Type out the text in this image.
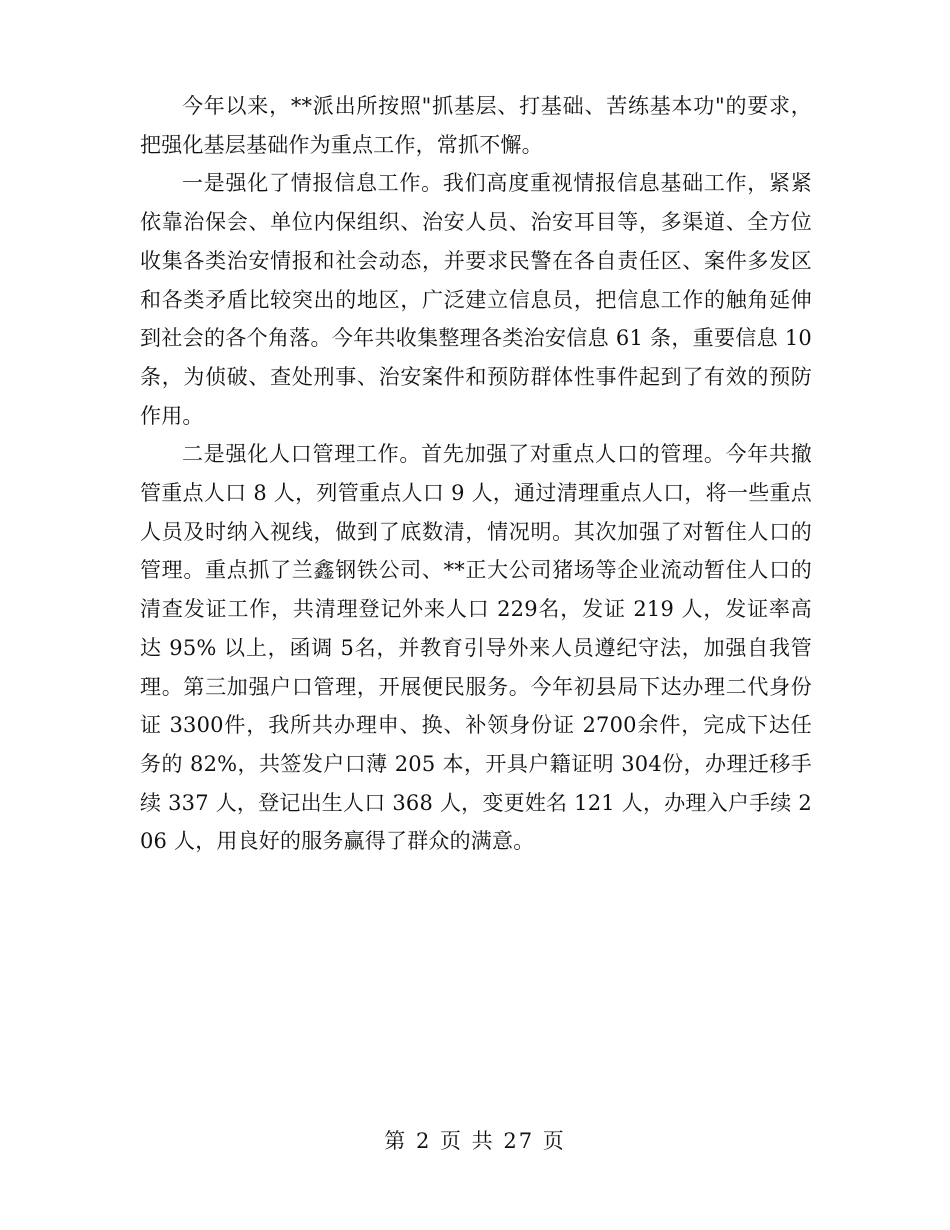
今年以来，**派出所按照"抓基层、打基础、苦练基本功"的要求，把强化基层基础作为重点工作，常抓不懈。

一是强化了情报信息工作。我们高度重视情报信息基础工作，紧紧依靠治保会、单位内保组织、治安人员、治安耳目等，多渠道、全方位收集各类治安情报和社会动态，并要求民警在各自责任区、案件多发区和各类矛盾比较突出的地区，广泛建立信息员，把信息工作的触角延伸到社会的各个角落。今年共收集整理各类治安信息 61 条，重要信息 10 条，为侦破、查处刑事、治安案件和预防群体性事件起到了有效的预防作用。

二是强化人口管理工作。首先加强了对重点人口的管理。今年共撤管重点人口 8 人，列管重点人口 9 人，通过清理重点人口，将一些重点人员及时纳入视线，做到了底数清，情况明。其次加强了对暂住人口的管理。重点抓了兰鑫钢铁公司、**正大公司猪场等企业流动暂住人口的清查发证工作，共清理登记外来人口 229名，发证 219 人，发证率高达 95% 以上，函调 5名，并教育引导外来人员遵纪守法，加强自我管理。第三加强户口管理，开展便民服务。今年初县局下达办理二代身份证 3300件，我所共办理申、换、补领身份证 2700余件，完成下达任务的 82%，共签发户口薄 205 本，开具户籍证明 304份，办理迁移手续 337 人，登记出生人口 368 人，变更姓名 121 人，办理入户手续 206 人，用良好的服务赢得了群众的满意。

第 2 页 共 27 页
